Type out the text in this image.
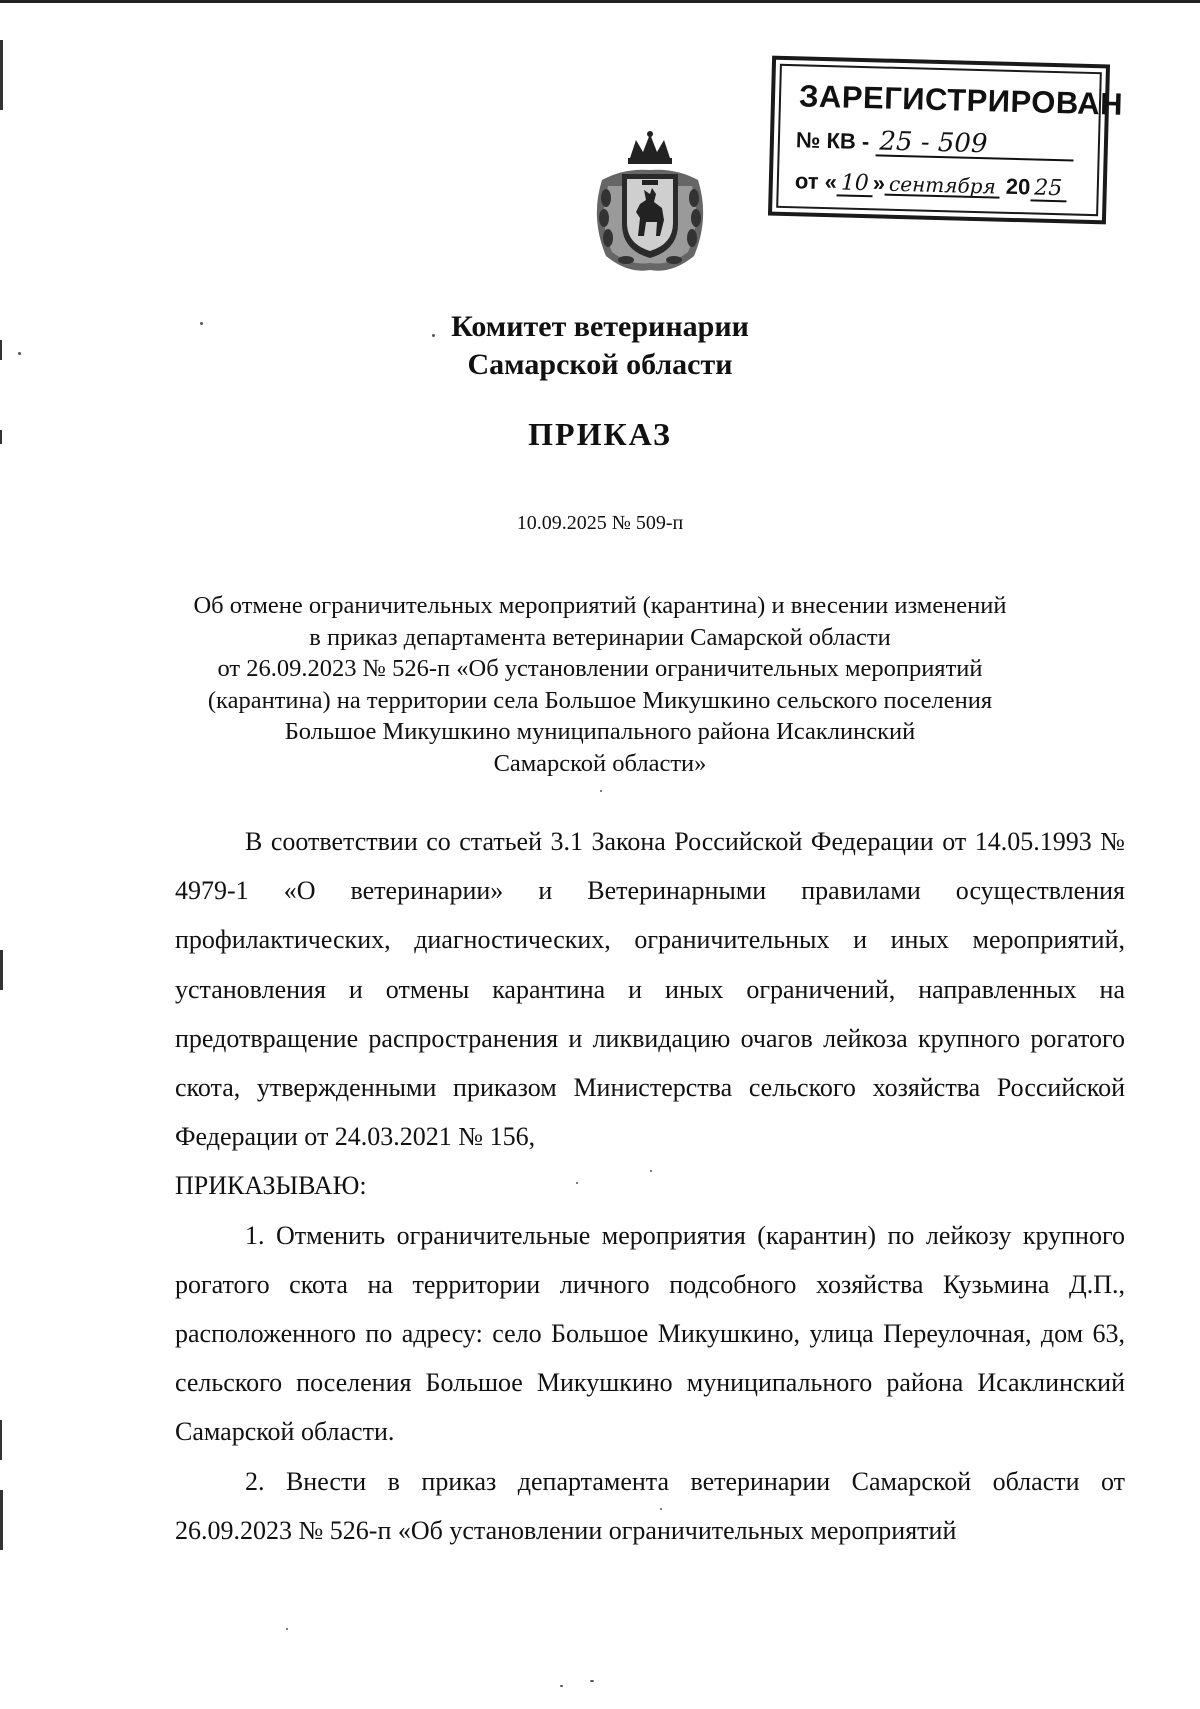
ЗАРЕГИСТРИРОВАН
№ КВ - 25 - 509
от « 10 » сентября 20 25
Комитет ветеринарии
Самарской области
ПРИКАЗ
10.09.2025 № 509-п
Об отмене ограничительных мероприятий (карантина) и внесении изменений
в приказ департамента ветеринарии Самарской области
от 26.09.2023 № 526-п «Об установлении ограничительных мероприятий
(карантина) на территории села Большое Микушкино сельского поселения
Большое Микушкино муниципального района Исаклинский
Самарской области»

В соответствии со статьей 3.1 Закона Российской Федерации от 14.05.1993 № 4979-1 «О ветеринарии» и Ветеринарными правилами осуществления профилактических, диагностических, ограничительных и иных мероприятий, установления и отмены карантина и иных ограничений, направленных на предотвращение распространения и ликвидацию очагов лейкоза крупного рогатого скота, утвержденными приказом Министерства сельского хозяйства Российской Федерации от 24.03.2021 № 156,

ПРИКАЗЫВАЮ:

1. Отменить ограничительные мероприятия (карантин) по лейкозу крупного рогатого скота на территории личного подсобного хозяйства Кузьмина Д.П., расположенного по адресу: село Большое Микушкино, улица Переулочная, дом 63, сельского поселения Большое Микушкино муниципального района Исаклинский Самарской области.

2. Внести в приказ департамента ветеринарии Самарской области от 26.09.2023 № 526-п «Об установлении ограничительных мероприятий
